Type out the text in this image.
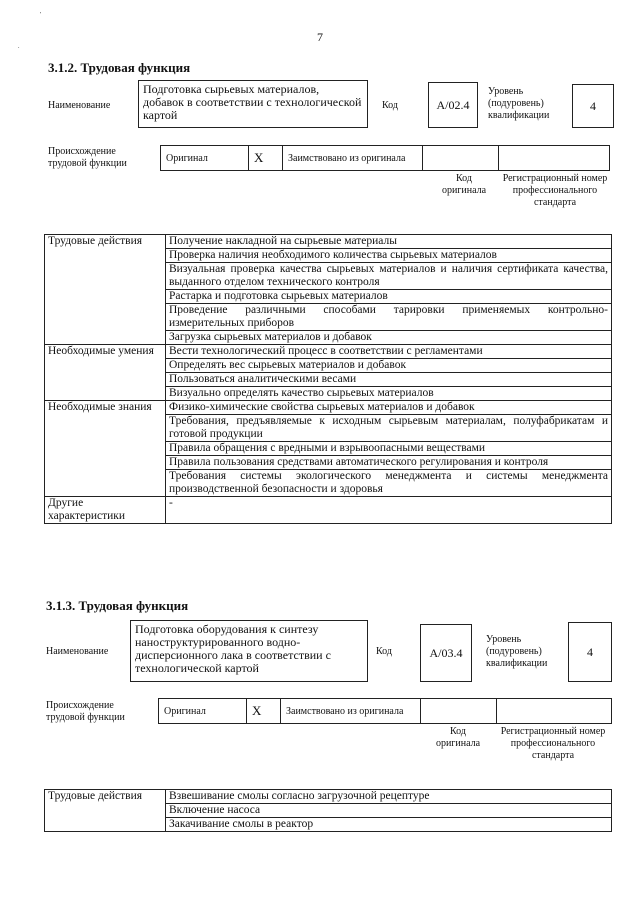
'
.
7
3.1.2. Трудовая функция
Наименование
Подготовка сырьевых материалов, добавок в соответствии с технологической картой
Код	A/02.4
Уровень (подуровень) квалификации
4
Происхождение трудовой функции	Оригинал	X	Заимствовано из оригинала
Код оригинала
Регистрационный номер профессионального стандарта
Трудовые действия	Получение накладной на сырьевые материалы
	Проверка наличия необходимого количества сырьевых материалов
	Визуальная проверка качества сырьевых материалов и наличия сертификата качества, выданного отделом технического контроля
	Растарка и подготовка сырьевых материалов
	Проведение различными способами тарировки применяемых контрольно-измерительных приборов
	Загрузка сырьевых материалов и добавок
Необходимые умения	Вести технологический процесс в соответствии с регламентами
	Определять вес сырьевых материалов и добавок
	Пользоваться аналитическими весами
	Визуально определять качество сырьевых материалов
Необходимые знания	Физико-химические свойства сырьевых материалов и добавок
	Требования, предъявляемые к исходным сырьевым материалам, полуфабрикатам и готовой продукции
	Правила обращения с вредными и взрывоопасными веществами
	Правила пользования средствами автоматического регулирования и контроля
	Требования системы экологического менеджмента и системы менеджмента производственной безопасности и здоровья
Другие характеристики	-
3.1.3. Трудовая функция
Наименование
Подготовка оборудования к синтезу наноструктурированного водно-дисперсионного лака в соответствии с технологической картой
Код	A/03.4
Уровень (подуровень) квалификации
4
Происхождение трудовой функции
Оригинал	X	Заимствовано из оригинала
Код оригинала
Регистрационный номер профессионального стандарта
Трудовые действия	Взвешивание смолы согласно загрузочной рецептуре
Включение насоса
Закачивание смолы в реактор
